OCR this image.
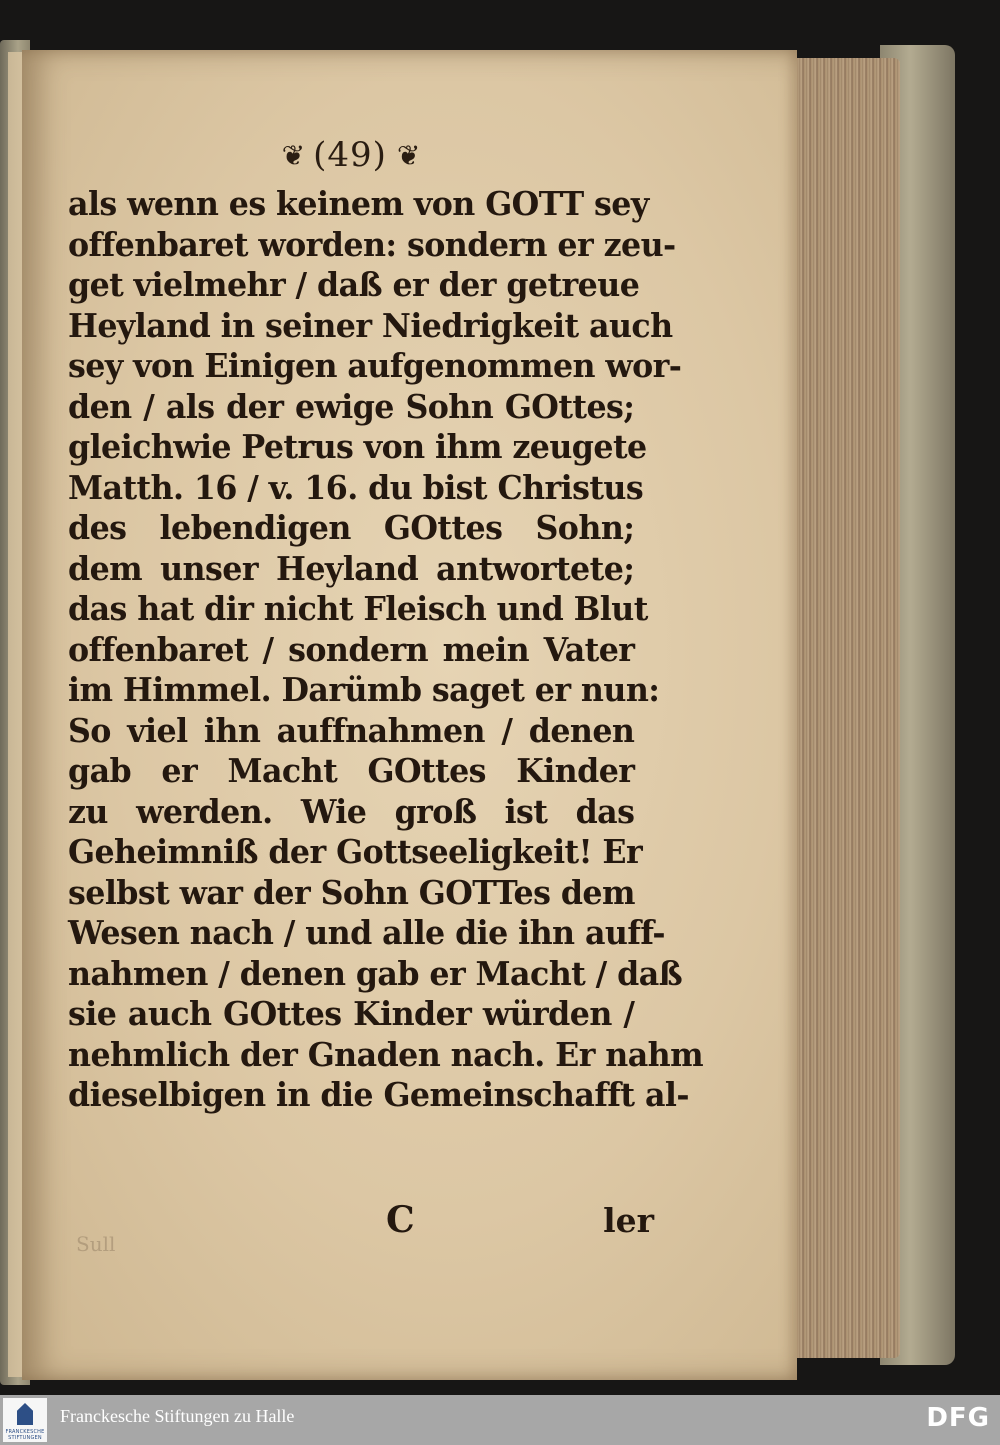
❦ (49) ❦
als wenn es keinem von GOTT sey
offenbaret worden: sondern er zeu-
get vielmehr / daß er der getreue
Heyland in seiner Niedrigkeit auch
sey von Einigen aufgenommen wor-
den / als der ewige Sohn GOttes;
gleichwie Petrus von ihm zeugete
Matth. 16 / v. 16. du bist Christus
des lebendigen GOttes Sohn;
dem unser Heyland antwortete;
das hat dir nicht Fleisch und Blut
offenbaret / sondern mein Vater
im Himmel. Darümb saget er nun:
So viel ihn auffnahmen / denen
gab er Macht GOttes Kinder
zu werden. Wie groß ist das
Geheimniß der Gottseeligkeit! Er
selbst war der Sohn GOTTes dem
Wesen nach / und alle die ihn auff-
nahmen / denen gab er Macht / daß
sie auch GOttes Kinder würden /
nehmlich der Gnaden nach. Er nahm
dieselbigen in die Gemeinschafft al-
C	ler
Sull
FRANCKESCHE STIFTUNGEN
Franckesche Stiftungen zu Halle	DFG
